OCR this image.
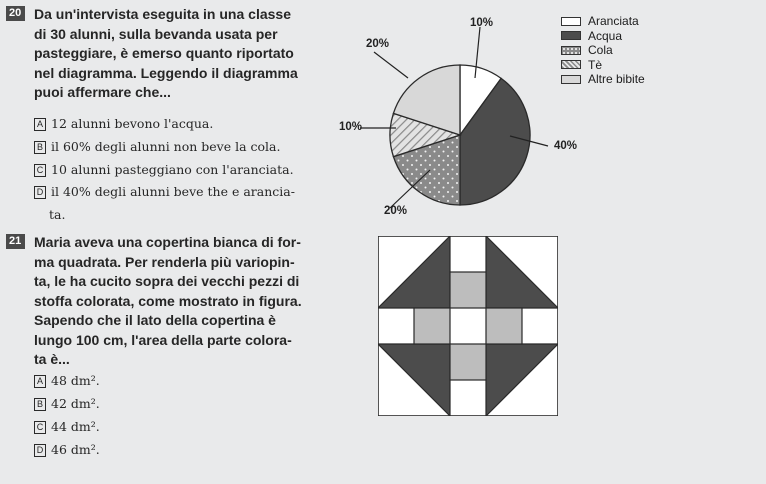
20 Da un'intervista eseguita in una classe
di 30 alunni, sulla bevanda usata per
pasteggiare, è emerso quanto riportato
nel diagramma. Leggendo il diagramma
puoi affermare che...
A 12 alunni bevono l'acqua.
B il 60% degli alunni non beve la cola.
C 10 alunni pasteggiano con l'aranciata.
D il 40% degli alunni beve the e arancia-
ta.
10%
20%
10%
40%
20%
Aranciata
Acqua
Cola
Tè
Altre bibite
21 Maria aveva una copertina bianca di for-
ma quadrata. Per renderla più variopin-
ta, le ha cucito sopra dei vecchi pezzi di
stoffa colorata, come mostrato in figura.
Sapendo che il lato della copertina è
lungo 100 cm, l'area della parte colora-
ta è...
A 48 dm².
B 42 dm².
C 44 dm².
D 46 dm².
